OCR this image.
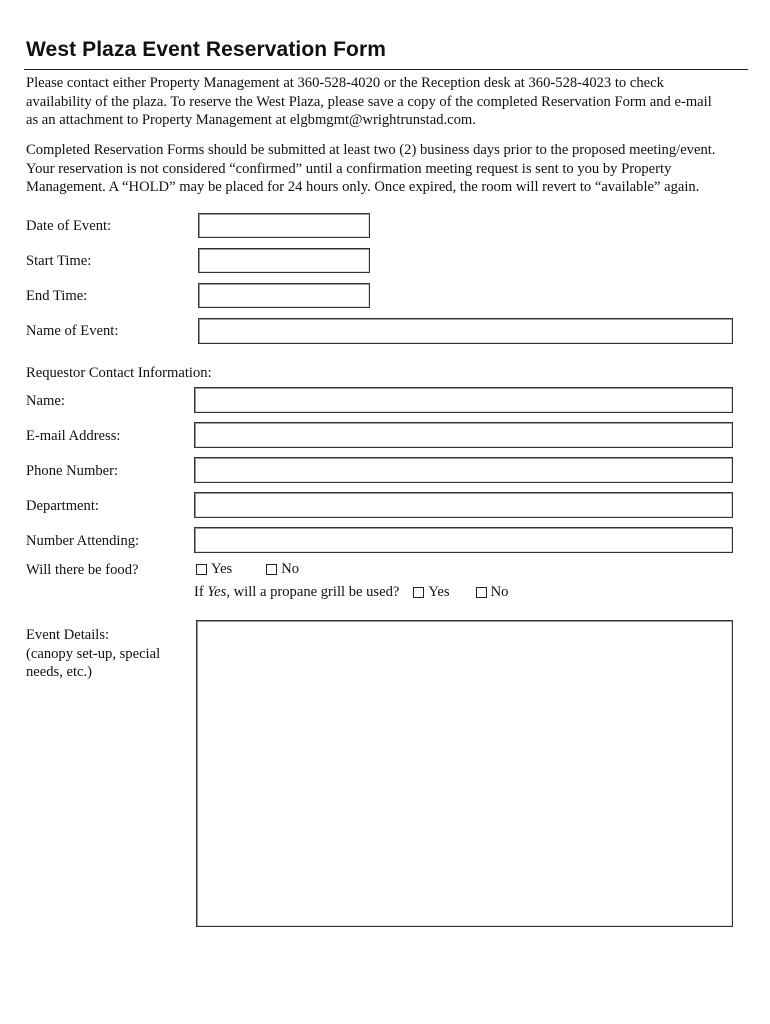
West Plaza Event Reservation Form
Please contact either Property Management at 360-528-4020 or the Reception desk at 360-528-4023 to check
availability of the plaza. To reserve the West Plaza, please save a copy of the completed Reservation Form and e-mail
as an attachment to Property Management at elgbmgmt@wrightrunstad.com.
Completed Reservation Forms should be submitted at least two (2) business days prior to the proposed meeting/event.
Your reservation is not considered “confirmed” until a confirmation meeting request is sent to you by Property
Management. A “HOLD” may be placed for 24 hours only. Once expired, the room will revert to “available” again.
Date of Event:
Start Time:
End Time:
Name of Event:
Requestor Contact Information:
Name:
E-mail Address:
Phone Number:
Department:
Number Attending:
Will there be food?	Yes	No
If Yes , will a propane grill be used? Yes	No
Event Details:
(canopy set-up, special
needs, etc.)
